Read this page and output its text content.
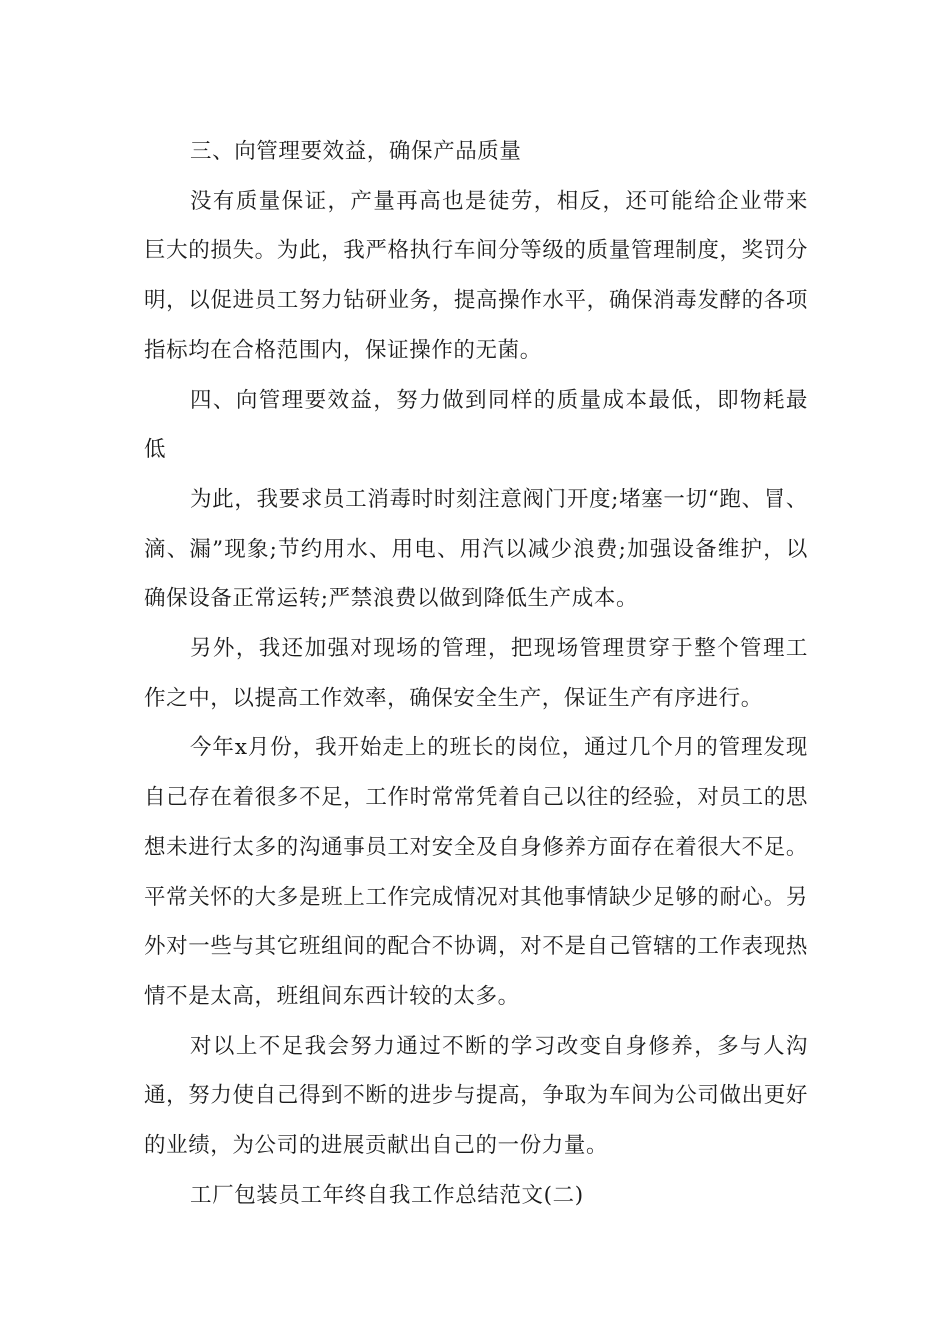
三、向管理要效益，确保产品质量

没有质量保证，产量再高也是徒劳，相反，还可能给企业带来巨大的损失。为此，我严格执行车间分等级的质量管理制度，奖罚分明，以促进员工努力钻研业务，提高操作水平，确保消毒发酵的各项指标均在合格范围内，保证操作的无菌。

四、向管理要效益，努力做到同样的质量成本最低，即物耗最低

为此，我要求员工消毒时时刻注意阀门开度;堵塞一切“跑、冒、滴、漏”现象;节约用水、用电、用汽以减少浪费;加强设备维护，以确保设备正常运转;严禁浪费以做到降低生产成本。

另外，我还加强对现场的管理，把现场管理贯穿于整个管理工作之中，以提高工作效率，确保安全生产，保证生产有序进行。

今年x月份，我开始走上的班长的岗位，通过几个月的管理发现自己存在着很多不足，工作时常常凭着自己以往的经验，对员工的思想未进行太多的沟通事员工对安全及自身修养方面存在着很大不足。平常关怀的大多是班上工作完成情况对其他事情缺少足够的耐心。另外对一些与其它班组间的配合不协调，对不是自己管辖的工作表现热情不是太高，班组间东西计较的太多。

对以上不足我会努力通过不断的学习改变自身修养，多与人沟通，努力使自己得到不断的进步与提高，争取为车间为公司做出更好的业绩，为公司的进展贡献出自己的一份力量。

工厂包装员工年终自我工作总结范文(二)
